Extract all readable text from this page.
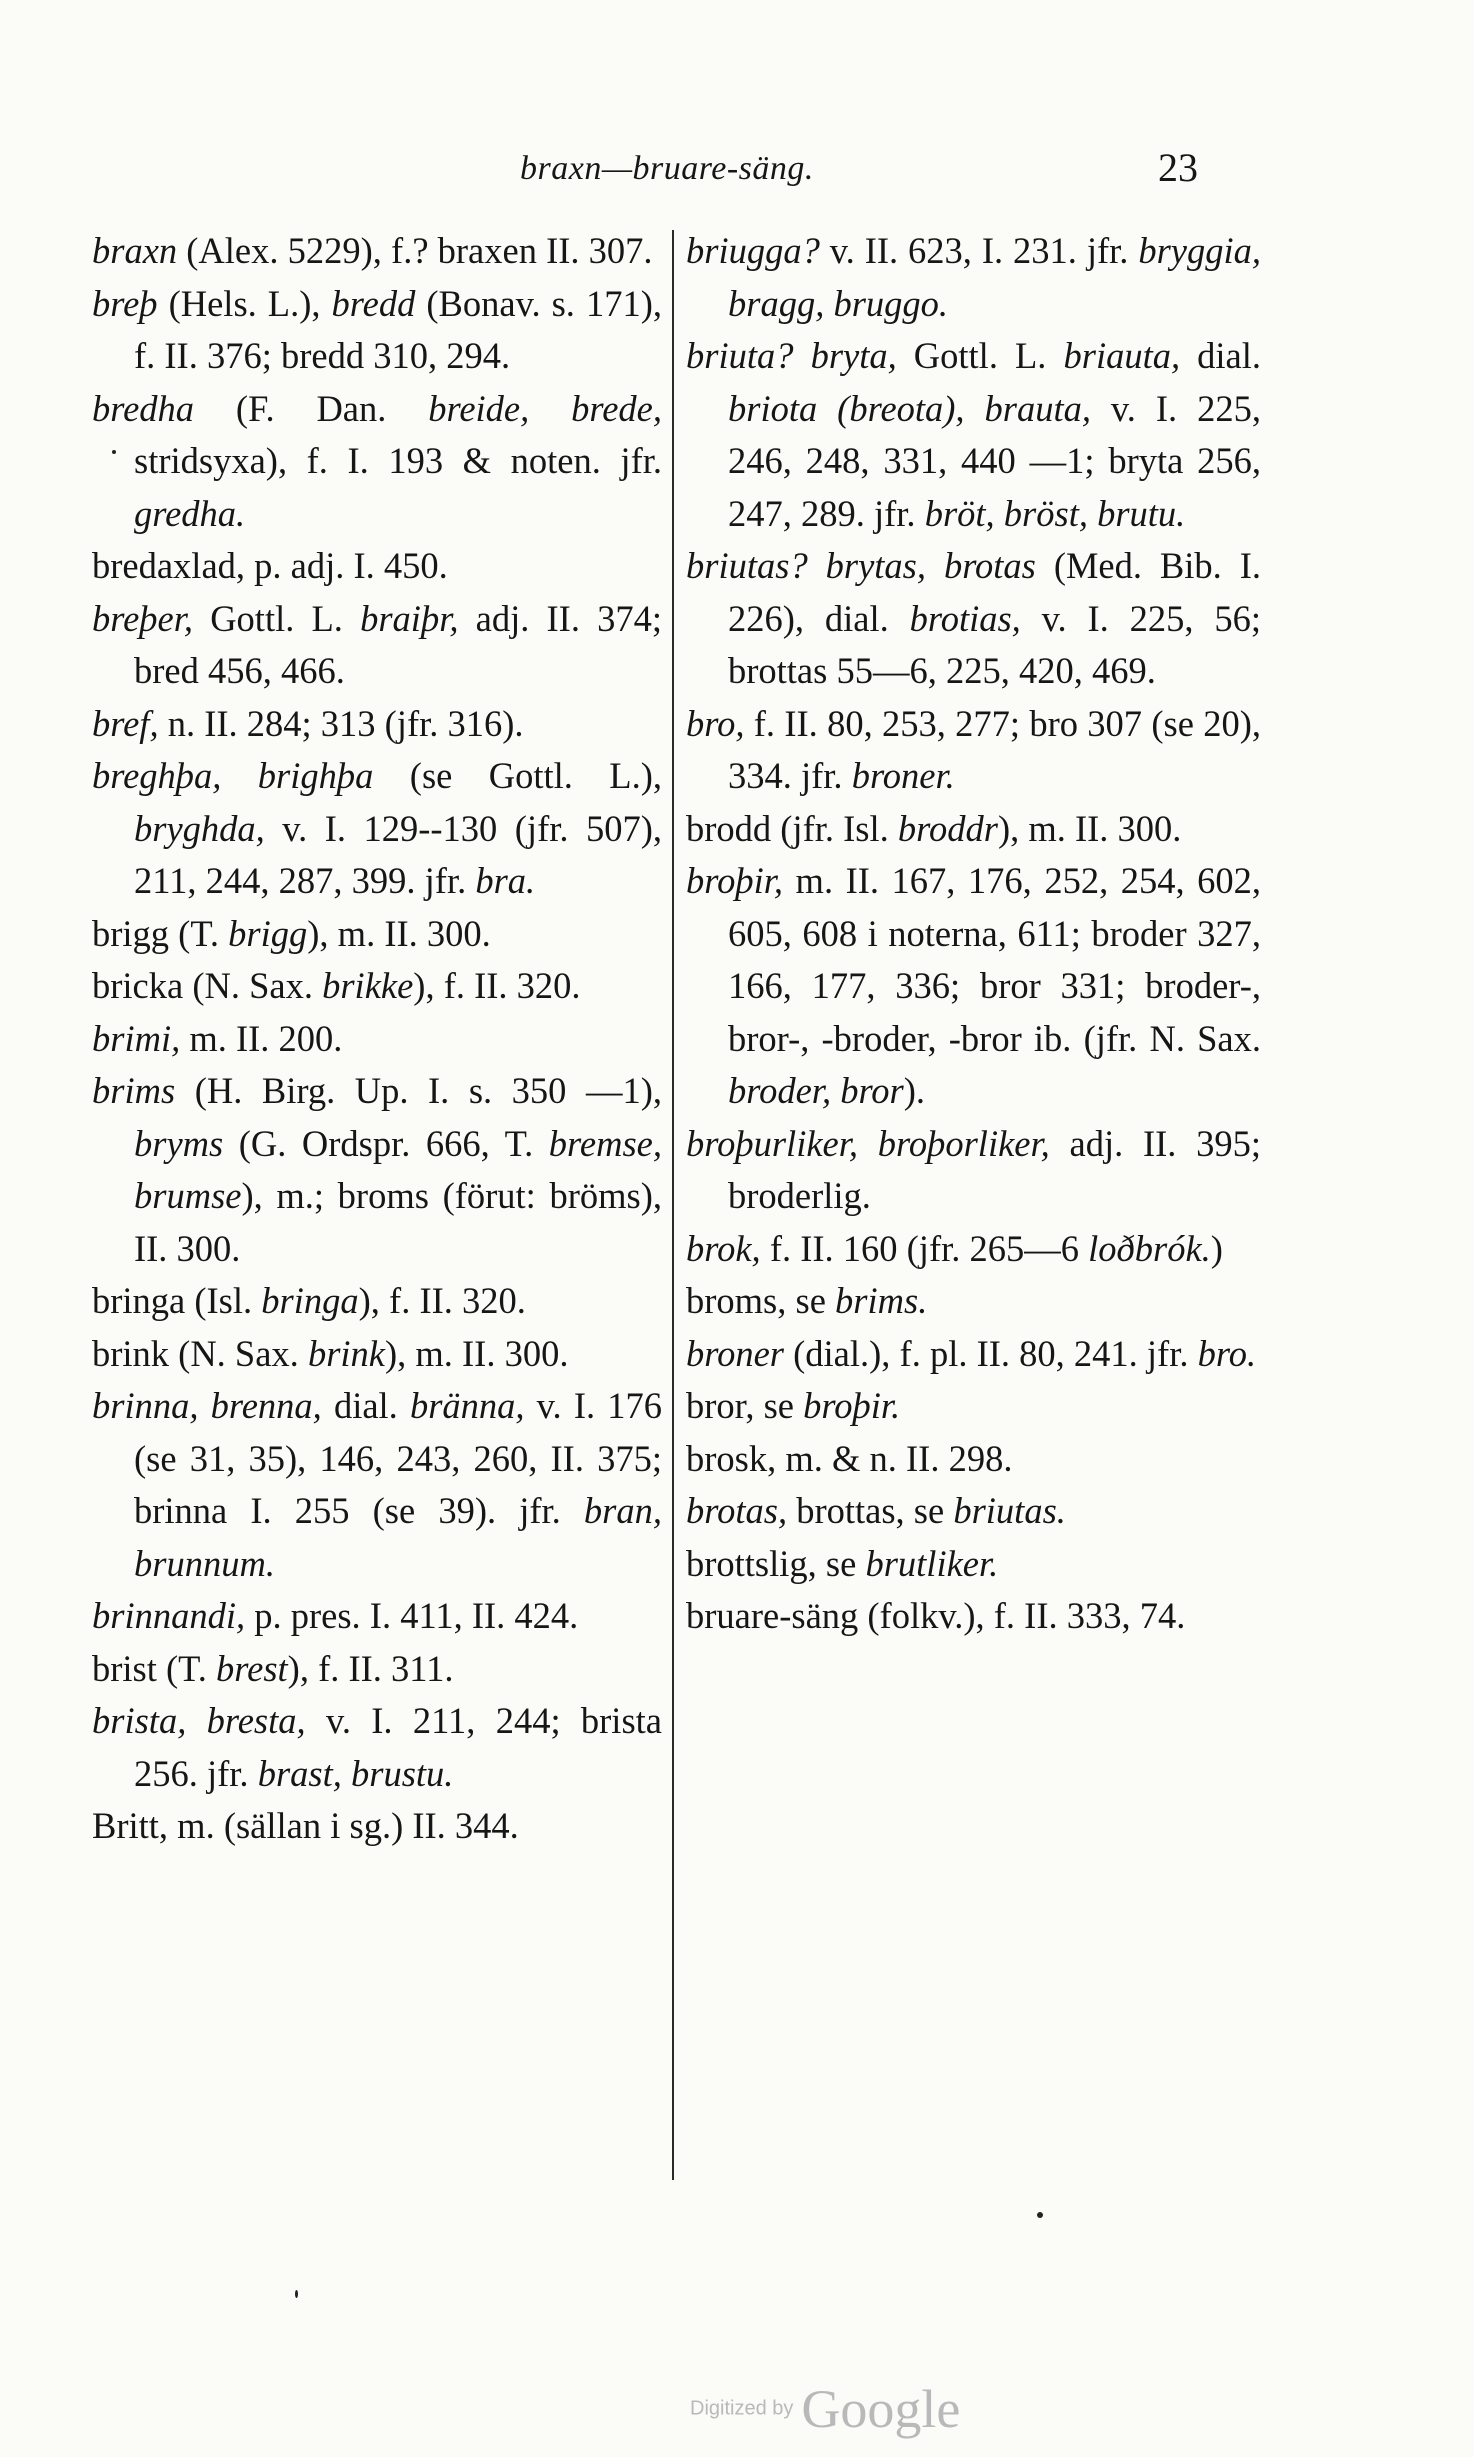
braxn—bruare-säng.	23
braxn (Alex. 5229), f.? braxen II. 307.
breþ (Hels. L.), bredd (Bonav. s. 171), f. II. 376; bredd 310, 294.
bredha (F. Dan. breide, brede, stridsyxa), f. I. 193 & noten. jfr. gredha.
bredaxlad, p. adj. I. 450.
breþer, Gottl. L. braiþr, adj. II. 374; bred 456, 466.
bref, n. II. 284; 313 (jfr. 316).
breghþa, brighþa (se Gottl. L.), bryghda, v. I. 129--130 (jfr. 507), 211, 244, 287, 399. jfr. bra.
brigg (T. brigg), m. II. 300.
bricka (N. Sax. brikke), f. II. 320.
brimi, m. II. 200.
brims (H. Birg. Up. I. s. 350 —1), bryms (G. Ordspr. 666, T. bremse, brumse), m.; broms (förut: bröms), II. 300.
bringa (Isl. bringa), f. II. 320.
brink (N. Sax. brink), m. II. 300.
brinna, brenna, dial. bränna, v. I. 176 (se 31, 35), 146, 243, 260, II. 375; brinna I. 255 (se 39). jfr. bran, brunnum.
brinnandi, p. pres. I. 411, II. 424.
brist (T. brest), f. II. 311.
brista, bresta, v. I. 211, 244; brista 256. jfr. brast, brustu.
Britt, m. (sällan i sg.) II. 344.
briugga? v. II. 623, I. 231. jfr. bryggia, bragg, bruggo.
briuta? bryta, Gottl. L. briauta, dial. briota (breota), brauta, v. I. 225, 246, 248, 331, 440 —1; bryta 256, 247, 289. jfr. bröt, bröst, brutu.
briutas? brytas, brotas (Med. Bib. I. 226), dial. brotias, v. I. 225, 56; brottas 55—6, 225, 420, 469.
bro, f. II. 80, 253, 277; bro 307 (se 20), 334. jfr. broner.
brodd (jfr. Isl. broddr), m. II. 300.
broþir, m. II. 167, 176, 252, 254, 602, 605, 608 i noterna, 611; broder 327, 166, 177, 336; bror 331; broder-, bror-, -broder, -bror ib. (jfr. N. Sax. broder, bror).
broþurliker, broþorliker, adj. II. 395; broderlig.
brok, f. II. 160 (jfr. 265—6 loðbrók.)
broms, se brims.
broner (dial.), f. pl. II. 80, 241. jfr. bro.
bror, se broþir.
brosk, m. & n. II. 298.
brotas, brottas, se briutas.
brottslig, se brutliker.
bruare-säng (folkv.), f. II. 333, 74.
Digitized by Google
